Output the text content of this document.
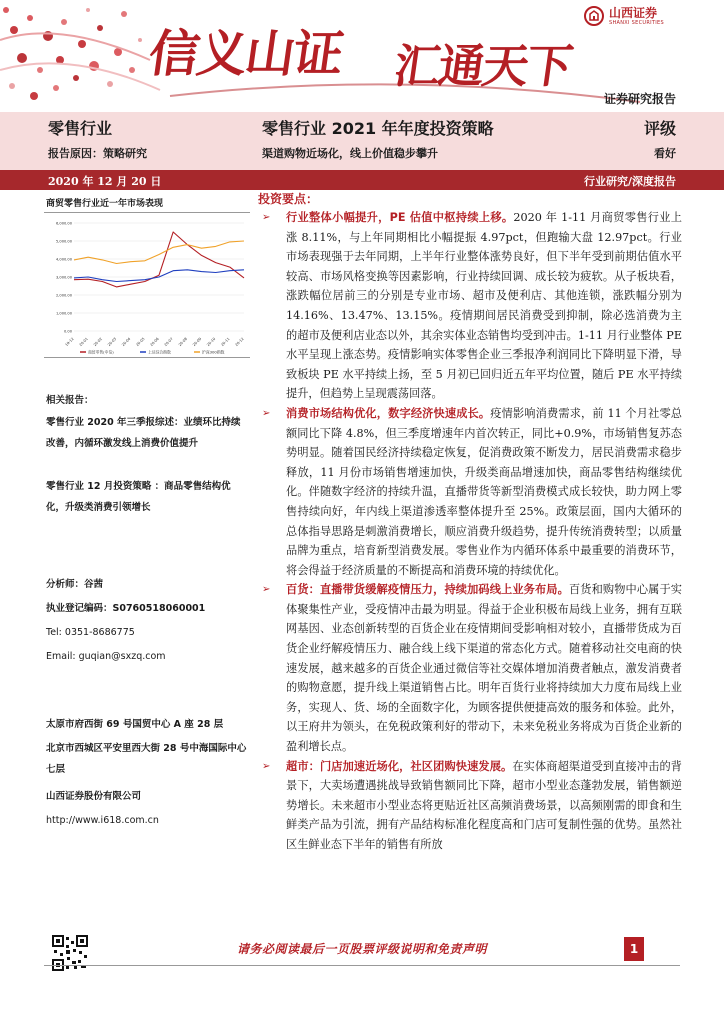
信义山证 汇通天下
山西证券
SHANXI SECURITIES
证券研究报告
零售行业
报告原因：策略研究
零售行业 2021 年年度投资策略
渠道购物近场化，线上价值稳步攀升
评级
看好
2020 年 12 月 20 日	行业研究/深度报告
商贸零售行业近一年市场表现
6,000.00
5,000.00
4,000.00
3,000.00
2,000.00
1,000.00
0.00
19-12 20-01 20-02 20-03 20-04 20-05 20-06 20-07 20-08 20-09 20-10 20-11 20-12
商贸零售(中信)	上证综合指数	沪深300指数
相关报告：
零售行业 2020 年三季报综述：业绩环比持续改善，内循环激发线上消费价值提升
零售行业 12 月投资策略 ：商品零售结构优化，升级类消费引领增长
分析师：谷茜
执业登记编码：S0760518060001
Tel: 0351-8686775
Email: guqian@sxzq.com
太原市府西街 69 号国贸中心 A 座 28 层
北京市西城区平安里西大街 28 号中海国际中心七层
山西证券股份有限公司
http://www.i618.com.cn
投资要点：
➢ 行业整体小幅提升，PE 估值中枢持续上移。2020 年 1-11 月商贸零售行业上涨 8.11%，与上年同期相比小幅提振 4.97pct，但跑输大盘 12.97pct。行业市场表现强于去年同期，上半年行业整体涨势良好，但下半年受到前期估值水平较高、市场风格变换等因素影响，行业持续回调、成长较为疲软。从子板块看，涨跌幅位居前三的分别是专业市场、超市及便利店、其他连锁，涨跌幅分别为 14.16%、13.47%、13.15%。疫情期间居民消费受到抑制，除必选消费为主的超市及便利店业态以外，其余实体业态销售均受到冲击。1-11 月行业整体 PE 水平呈现上涨态势。疫情影响实体零售企业三季报净利润同比下降明显下滑，导致板块 PE 水平持续上扬，至 5 月初已回归近五年平均位置，随后 PE 水平持续提升，但趋势上呈现震荡回落。
➢ 消费市场结构优化，数字经济快速成长。疫情影响消费需求，前 11 个月社零总额同比下降 4.8%，但三季度增速年内首次转正，同比+0.9%，市场销售复苏态势明显。随着国民经济持续稳定恢复，促消费政策不断发力，居民消费需求稳步释放，11 月份市场销售增速加快，升级类商品增速加快，商品零售结构继续优化。伴随数字经济的持续升温，直播带货等新型消费模式成长较快，助力网上零售持续向好，年内线上渠道渗透率整体提升至 25%。政策层面，国内大循环的总体指导思路是刺激消费增长，顺应消费升级趋势，提升传统消费转型；以质量品牌为重点，培育新型消费发展。零售业作为内循环体系中最重要的消费环节，将会得益于经济质量的不断提高和消费环境的持续优化。
➢ 百货：直播带货缓解疫情压力，持续加码线上业务布局。百货和购物中心属于实体聚集性产业，受疫情冲击最为明显。得益于企业积极布局线上业务，拥有互联网基因、业态创新转型的百货企业在疫情期间受影响相对较小，直播带货成为百货企业纾解疫情压力、融合线上线下渠道的常态化方式。随着移动社交电商的快速发展，越来越多的百货企业通过微信等社交媒体增加消费者触点，激发消费者的购物意愿，提升线上渠道销售占比。明年百货行业将持续加大力度布局线上业务，实现人、货、场的全面数字化，为顾客提供便捷高效的服务和体验。此外，以王府井为领头，在免税政策利好的带动下，未来免税业务将成为百货企业新的盈利增长点。
➢ 超市：门店加速近场化，社区团购快速发展。在实体商超渠道受到直接冲击的背景下，大卖场遭遇挑战导致销售额同比下降，超市小型业态蓬勃发展，销售额逆势增长。未来超市小型业态将更贴近社区高频消费场景，以高频刚需的即食和生鲜类产品为引流，拥有产品结构标准化程度高和门店可复制性强的优势。虽然社区生鲜业态下半年的销售有所放
请务必阅读最后一页股票评级说明和免责声明	1
